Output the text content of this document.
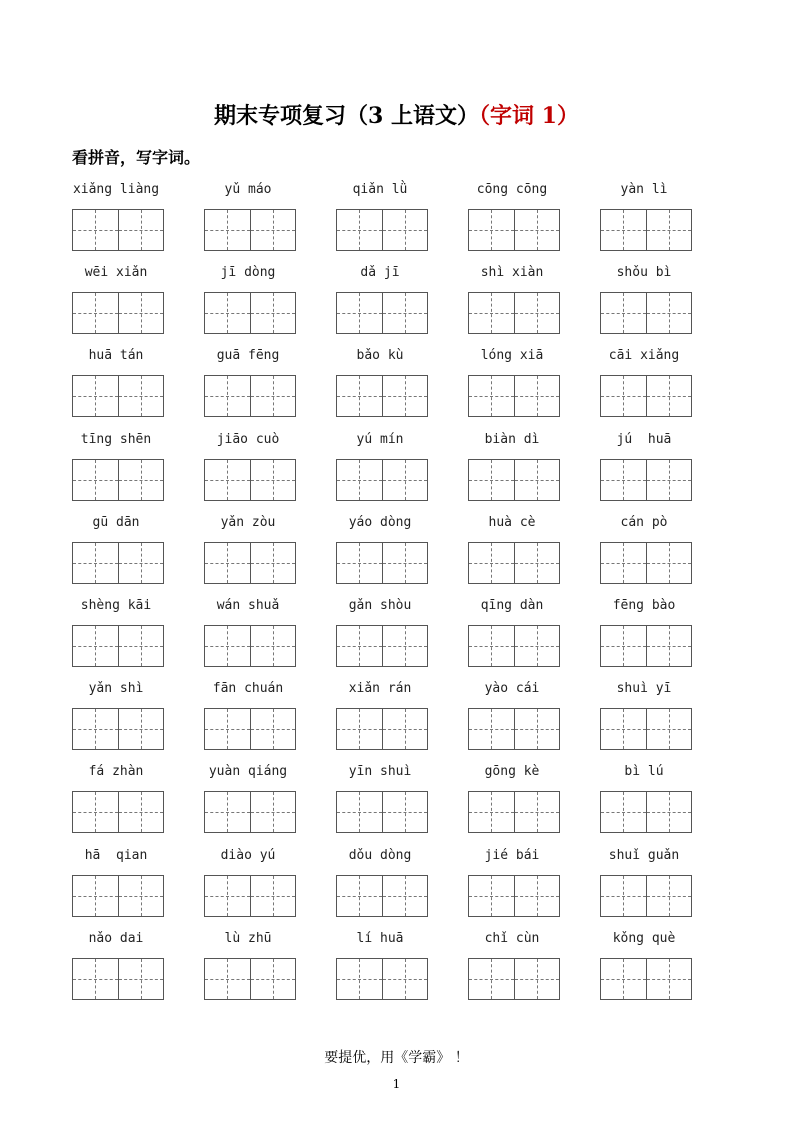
期末专项复习（3 上语文）（字词 1）
看拼音，写字词。
xiǎng liàng	yǔ máo	qiǎn lǜ	cōng cōng	yàn lì
wēi xiǎn	jī dòng	dǎ jī	shì xiàn	shǒu bì
huā tán	guā fēng	bǎo kù	lóng xiā	cāi xiǎng
tīng shēn	jiāo cuò	yú mín	biàn dì	jú  huā
gū dān	yǎn zòu	yáo dòng	huà cè	cán pò
shèng kāi	wán shuǎ	gǎn shòu	qīng dàn	fēng bào
yǎn shì	fān chuán	xiǎn rán	yào cái	shuì yī
fá zhàn	yuàn qiáng	yīn shuì	gōng kè	bì lú
hā  qian	diào yú	dǒu dòng	jié bái	shuǐ guǎn
nǎo dai	lù zhū	lí huā	chǐ cùn	kǒng què
要提优，用《学霸》 ！
1
